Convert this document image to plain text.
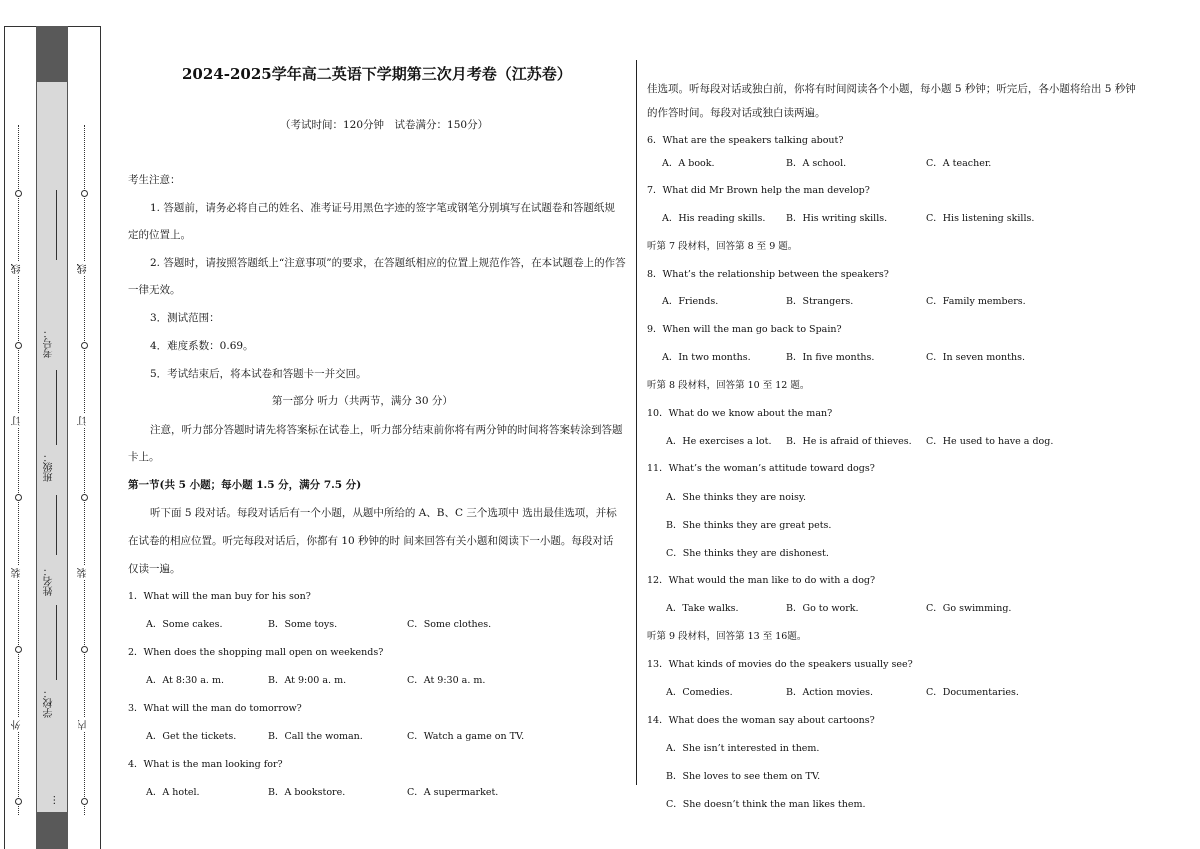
线
订
装
外
线
订
装
内
考号：
班级：
姓名：
学校：
…
2024-2025学年高二英语下学期第三次月考卷（江苏卷）
（考试时间：120分钟　试卷满分：150分）
考生注意：
1. 答题前，请务必将自己的姓名、准考证号用黑色字迹的签字笔或钢笔分别填写在试题卷和答题纸规
定的位置上。
2. 答题时，请按照答题纸上“注意事项”的要求，在答题纸相应的位置上规范作答，在本试题卷上的作答
一律无效。
3．测试范围：
4．难度系数：0.69。
5．考试结束后，将本试卷和答题卡一并交回。
第一部分 听力（共两节，满分 30 分）
注意，听力部分答题时请先将答案标在试卷上，听力部分结束前你将有两分钟的时间将答案转涂到答题
卡上。
第一节(共 5 小题；每小题 1.5 分，满分 7.5 分)
听下面 5 段对话。每段对话后有一个小题，从题中所给的 A、B、C 三个选项中 选出最佳选项，并标
在试卷的相应位置。听完每段对话后，你都有 10 秒钟的时 间来回答有关小题和阅读下一小题。每段对话
仅读一遍。
1．What will the man buy for his son?
A．Some cakes.	B．Some toys.	C．Some clothes.
2．When does the shopping mall open on weekends?
A．At 8:30 a. m.	B．At 9:00 a. m.	C．At 9:30 a. m.
3．What will the man do tomorrow?
A．Get the tickets.	B．Call the woman.	C．Watch a game on TV.
4．What is the man looking for?
A．A hotel.	B．A bookstore.	C．A supermarket.
佳选项。听每段对话或独白前，你将有时间阅读各个小题，每小题 5 秒钟；听完后，各小题将给出 5 秒钟
的作答时间。每段对话或独白读两遍。
6．What are the speakers talking about?
A．A book.	B．A school.	C．A teacher.
7．What did Mr Brown help the man develop?
A．His reading skills. B．His writing skills.	C．His listening skills.
听第 7 段材料，回答第 8 至 9 题。
8．What’s the relationship between the speakers?
A．Friends.	B．Strangers.	C．Family members.
9．When will the man go back to Spain?
A．In two months.	B．In five months.	C．In seven months.
听第 8 段材料，回答第 10 至 12 题。
10．What do we know about the man?
A．He exercises a lot. B．He is afraid of thieves. C．He used to have a dog.
11．What’s the woman’s attitude toward dogs?
A．She thinks they are noisy.
B．She thinks they are great pets.
C．She thinks they are dishonest.
12．What would the man like to do with a dog?
A．Take walks.	B．Go to work.	C．Go swimming.
听第 9 段材料，回答第 13 至 16题。
13．What kinds of movies do the speakers usually see?
A．Comedies.	B．Action movies.	C．Documentaries.
14．What does the woman say about cartoons?
A．She isn’t interested in them.
B．She loves to see them on TV.
C．She doesn’t think the man likes them.
